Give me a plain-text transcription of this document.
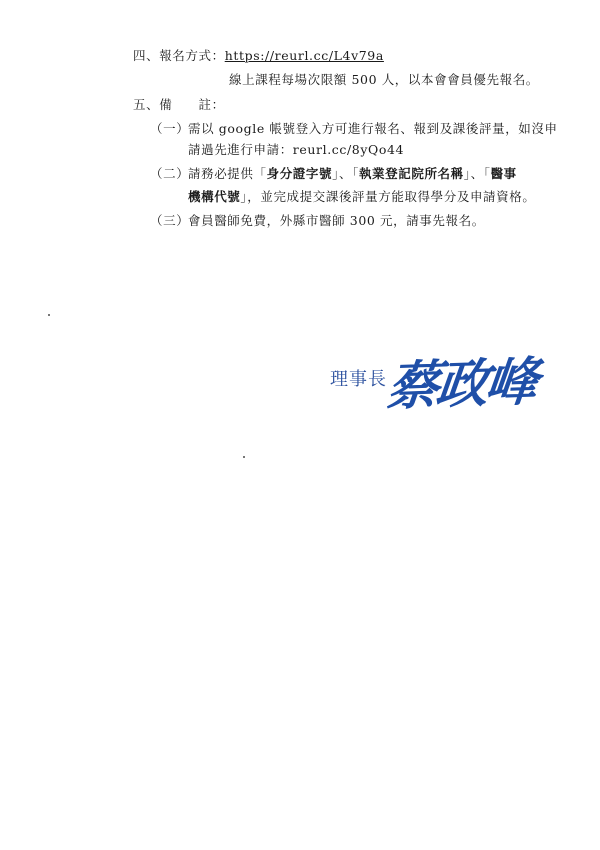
四、報名方式：https://reurl.cc/L4v79a
線上課程每場次限額 500 人，以本會會員優先報名。
五、備　　註：
（一）
需以 google 帳號登入方可進行報名、報到及課後評量，如沒申
請過先進行申請：reurl.cc/8yQo44
（二）
請務必提供「身分證字號」、「執業登記院所名稱」、「醫事
機構代號」，並完成提交課後評量方能取得學分及申請資格。
（三）
會員醫師免費，外縣市醫師 300 元，請事先報名。
理事長
蔡政峰
